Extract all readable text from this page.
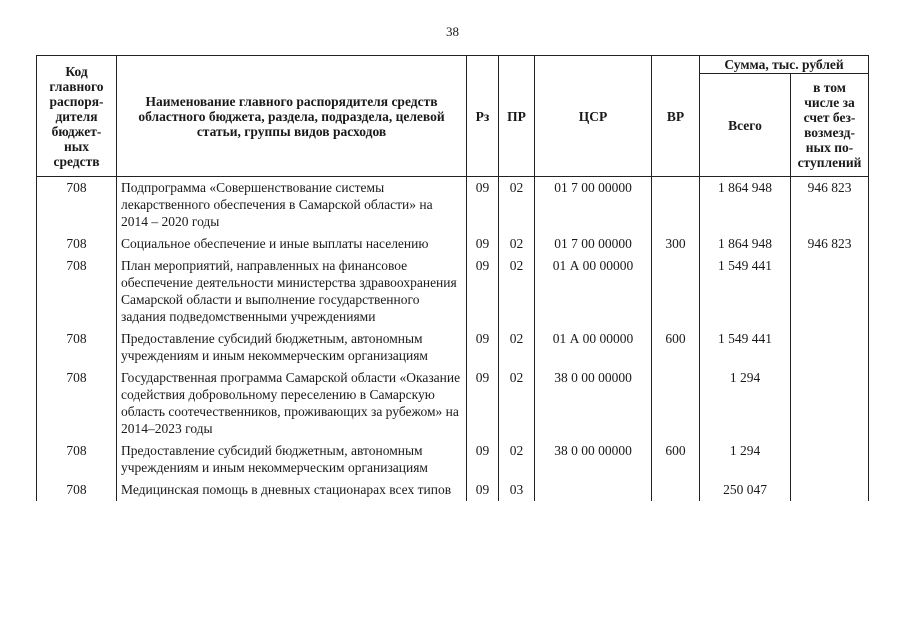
38
Код главного распоря-дителя бюджет-ных средств	Наименование главного распорядителя средств областного бюджета, раздела, подраздела, целевой статьи, группы видов расходов	Рз	ПР	ЦСР	ВР	Сумма, тыс. рублей	
						Всего	в том числе за счет без-возмезд-ных по-ступлений
708	Подпрограмма «Совершенствование системы лекарственного обеспечения в Самарской области» на 2014 – 2020 годы	09	02	01 7 00 00000		1 864 948	946 823
708	Социальное обеспечение и иные выплаты населению	09	02	01 7 00 00000	300	1 864 948	946 823
708	План мероприятий, направленных на финансовое обеспечение деятельности министерства здравоохранения Самарской области и выполнение государственного задания подведомственными учреждениями	09	02	01 А 00 00000		1 549 441	
708	Предоставление субсидий бюджетным, автономным учреждениям и иным некоммерческим организациям	09	02	01 А 00 00000	600	1 549 441	
708	Государственная программа Самарской области «Оказание содействия добровольному переселению в Самарскую область соотечественников, проживающих за рубежом» на 2014–2023 годы	09	02	38 0 00 00000		1 294	
708	Предоставление субсидий бюджетным, автономным учреждениям и иным некоммерческим организациям	09	02	38 0 00 00000	600	1 294	
708	Медицинская помощь в дневных стационарах всех типов	09	03			250 047	
